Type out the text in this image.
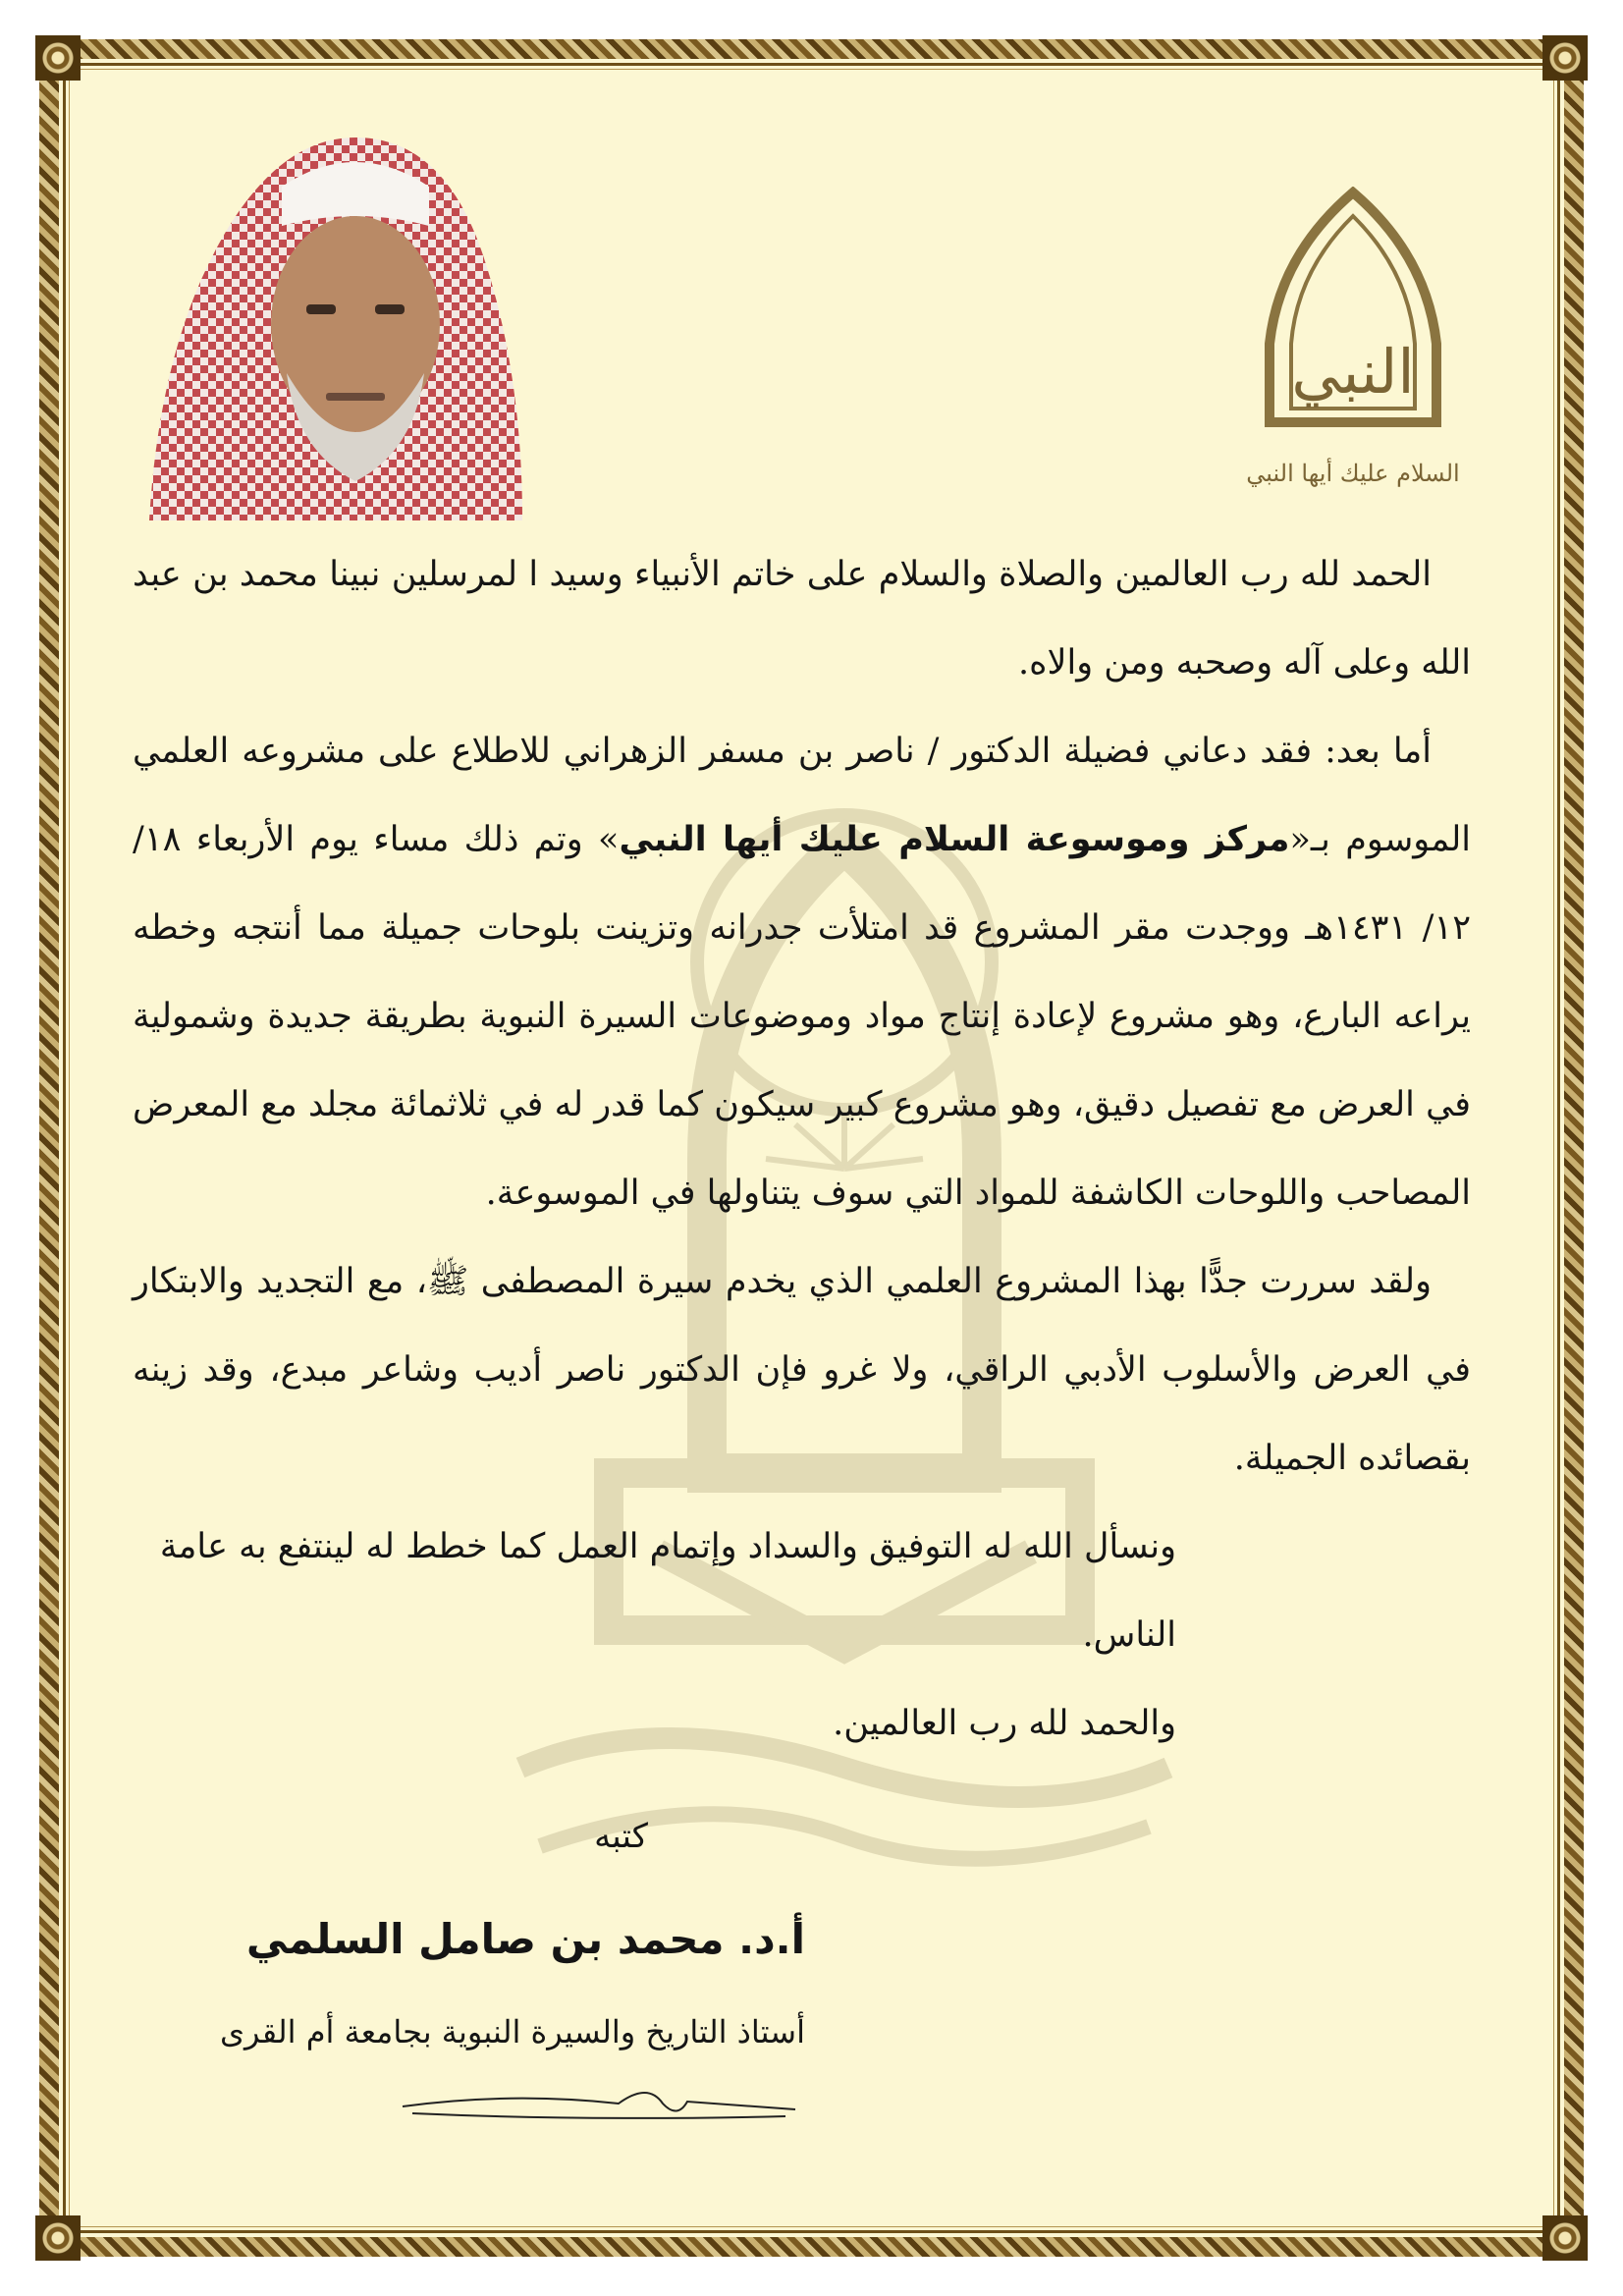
النبي
السلام عليك أيها النبي

الحمد لله رب العالمين والصلاة والسلام على خاتم الأنبياء وسيد ا لمرسلين نبينا محمد بن عبد الله وعلى آله وصحبه ومن والاه.

أما بعد: فقد دعاني فضيلة الدكتور / ناصر بن مسفر الزهراني للاطلاع على مشروعه العلمي الموسوم بـ«مركز وموسوعة السلام عليك أيها النبي» وتم ذلك مساء يوم الأربعاء ١٨/ ١٢/ ١٤٣١هـ ووجدت مقر المشروع قد امتلأت جدرانه وتزينت بلوحات جميلة مما أنتجه وخطه يراعه البارع، وهو مشروع لإعادة إنتاج مواد وموضوعات السيرة النبوية بطريقة جديدة وشمولية في العرض مع تفصيل دقيق، وهو مشروع كبير سيكون كما قدر له في ثلاثمائة مجلد مع المعرض المصاحب واللوحات الكاشفة للمواد التي سوف يتناولها في الموسوعة.

ولقد سررت جدًّا بهذا المشروع العلمي الذي يخدم سيرة المصطفى ﷺ، مع التجديد والابتكار في العرض والأسلوب الأدبي الراقي، ولا غرو فإن الدكتور ناصر أديب وشاعر مبدع، وقد زينه بقصائده الجميلة.

ونسأل الله له التوفيق والسداد وإتمام العمل كما خطط له لينتفع به عامة الناس.

والحمد لله رب العالمين.

كتبه
أ.د. محمد بن صامل السلمي
أستاذ التاريخ والسيرة النبوية بجامعة أم القرى
